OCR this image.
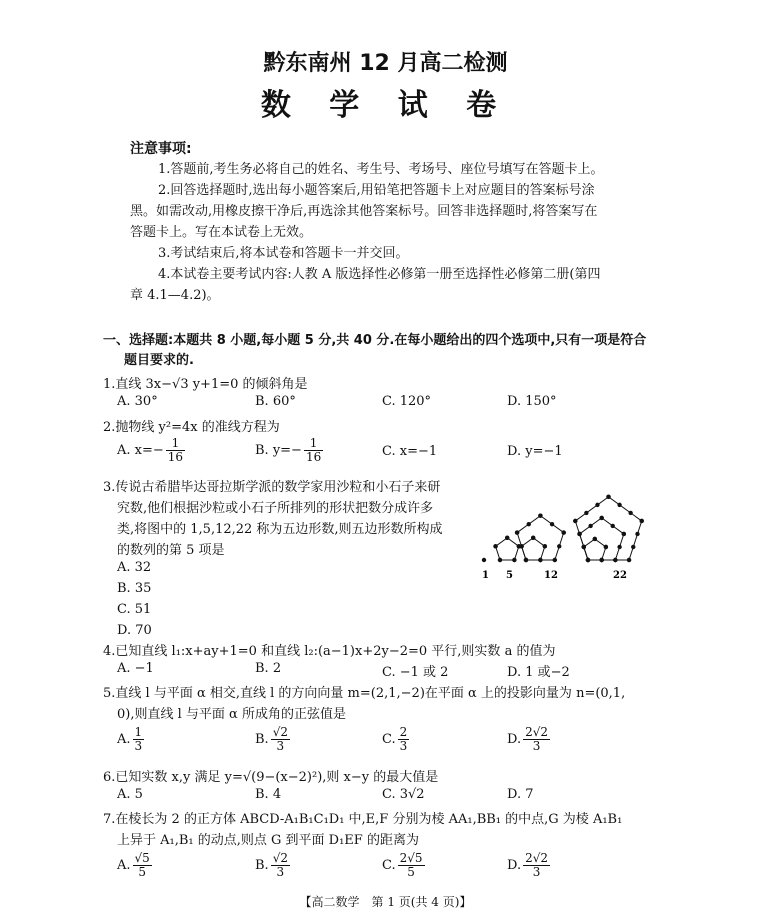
黔东南州 12 月高二检测
数 学 试 卷
注意事项:
1.答题前,考生务必将自己的姓名、考生号、考场号、座位号填写在答题卡上。
2.回答选择题时,选出每小题答案后,用铅笔把答题卡上对应题目的答案标号涂
黑。如需改动,用橡皮擦干净后,再选涂其他答案标号。回答非选择题时,将答案写在
答题卡上。写在本试卷上无效。
3.考试结束后,将本试卷和答题卡一并交回。
4.本试卷主要考试内容:人教 A 版选择性必修第一册至选择性必修第二册(第四
章 4.1—4.2)。
一、选择题:本题共 8 小题,每小题 5 分,共 40 分.在每小题给出的四个选项中,只有一项是符合
题目要求的.
1.直线 3x−√3 y+1=0 的倾斜角是
A. 30°	B. 60°	C. 120°	D. 150°
2.抛物线 y²=4x 的准线方程为
A. $x=- \frac{1}{16}$	B. $y=- \frac{1}{16}$	C. x=−1	D. y=−1
3.传说古希腊毕达哥拉斯学派的数学家用沙粒和小石子来研
究数,他们根据沙粒或小石子所排列的形状把数分成许多
类,将图中的 1,5,12,22 称为五边形数,则五边形数所构成
的数列的第 5 项是
A. 32
B. 35
C. 51
D. 70
1 5	12	22
4.已知直线 l₁:x+ay+1=0 和直线 l₂:(a−1)x+2y−2=0 平行,则实数 a 的值为
A. −1	B. 2	C. −1 或 2	D. 1 或−2
5.直线 l 与平面 α 相交,直线 l 的方向向量 m=(2,1,−2)在平面 α 上的投影向量为 n=(0,1,
0),则直线 l 与平面 α 所成角的正弦值是
A. $\frac{1}{3}$	B. $\frac{√2}{3}$	C. $\frac{2}{3}$	D. $\frac{2√2}{3}$
6.已知实数 x,y 满足 y=√(9−(x−2)²),则 x−y 的最大值是
A. 5	B. 4	C. 3√2	D. 7
7.在棱长为 2 的正方体 ABCD-A₁B₁C₁D₁ 中,E,F 分别为棱 AA₁,BB₁ 的中点,G 为棱 A₁B₁
上异于 A₁,B₁ 的动点,则点 G 到平面 D₁EF 的距离为
A. $\frac{√5}{5}$	B. $\frac{√2}{3}$	C. $\frac{2√5}{5}$	D. $\frac{2√2}{3}$
【高二数学　第 1 页(共 4 页)】
